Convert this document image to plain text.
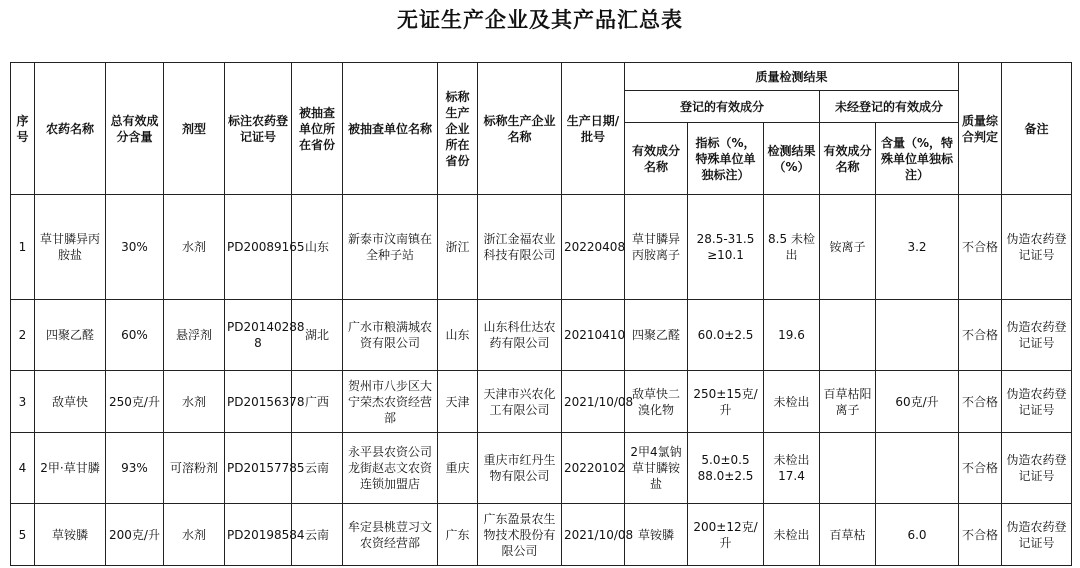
无证生产企业及其产品汇总表
序号	农药名称	总有效成分含量	剂型	标注农药登记证号	被抽查单位所在省份	被抽查单位名称	标称生产企业所在省份	标称生产企业名称	生产日期/批号	质量检测结果					质量综合判定	备注
										登记的有效成分			未经登记的有效成分			
										有效成分名称	指标（%，特殊单位单独标注）	检测结果（%）	有效成分名称	含量（%，特殊单位单独标注）		
1	草甘膦异丙胺盐	30%	水剂	PD20089165	山东	新泰市汶南镇在全种子站	浙江	浙江金福农业科技有限公司	20220408	草甘膦异丙胺离子	28.5-31.5 ≥10.1	8.5 未检出	铵离子	3.2	不合格	伪造农药登记证号
2	四聚乙醛	60%	悬浮剂	PD20140288 8	湖北	广水市粮满城农资有限公司	山东	山东科仕达农药有限公司	20210410	四聚乙醛	60.0±2.5	19.6			不合格	伪造农药登记证号
3	敌草快	250克/升	水剂	PD20156378	广西	贺州市八步区大宁荣杰农资经营部	天津	天津市兴农化工有限公司	2021/10/08	敌草快二溴化物	250±15克/升	未检出	百草枯阳离子	60克/升	不合格	伪造农药登记证号
4	2甲·草甘膦	93%	可溶粉剂	PD20157785	云南	永平县农资公司龙街赵志文农资连锁加盟店	重庆	重庆市红丹生物有限公司	20220102	2甲4氯钠 草甘膦铵盐	5.0±0.5 88.0±2.5	未检出 17.4			不合格	伪造农药登记证号
5	草铵膦	200克/升	水剂	PD20198584	云南	牟定县桃荳习文农资经营部	广东	广东盈景农生物技术股份有限公司	2021/10/08	草铵膦	200±12克/升	未检出	百草枯	6.0	不合格	伪造农药登记证号
